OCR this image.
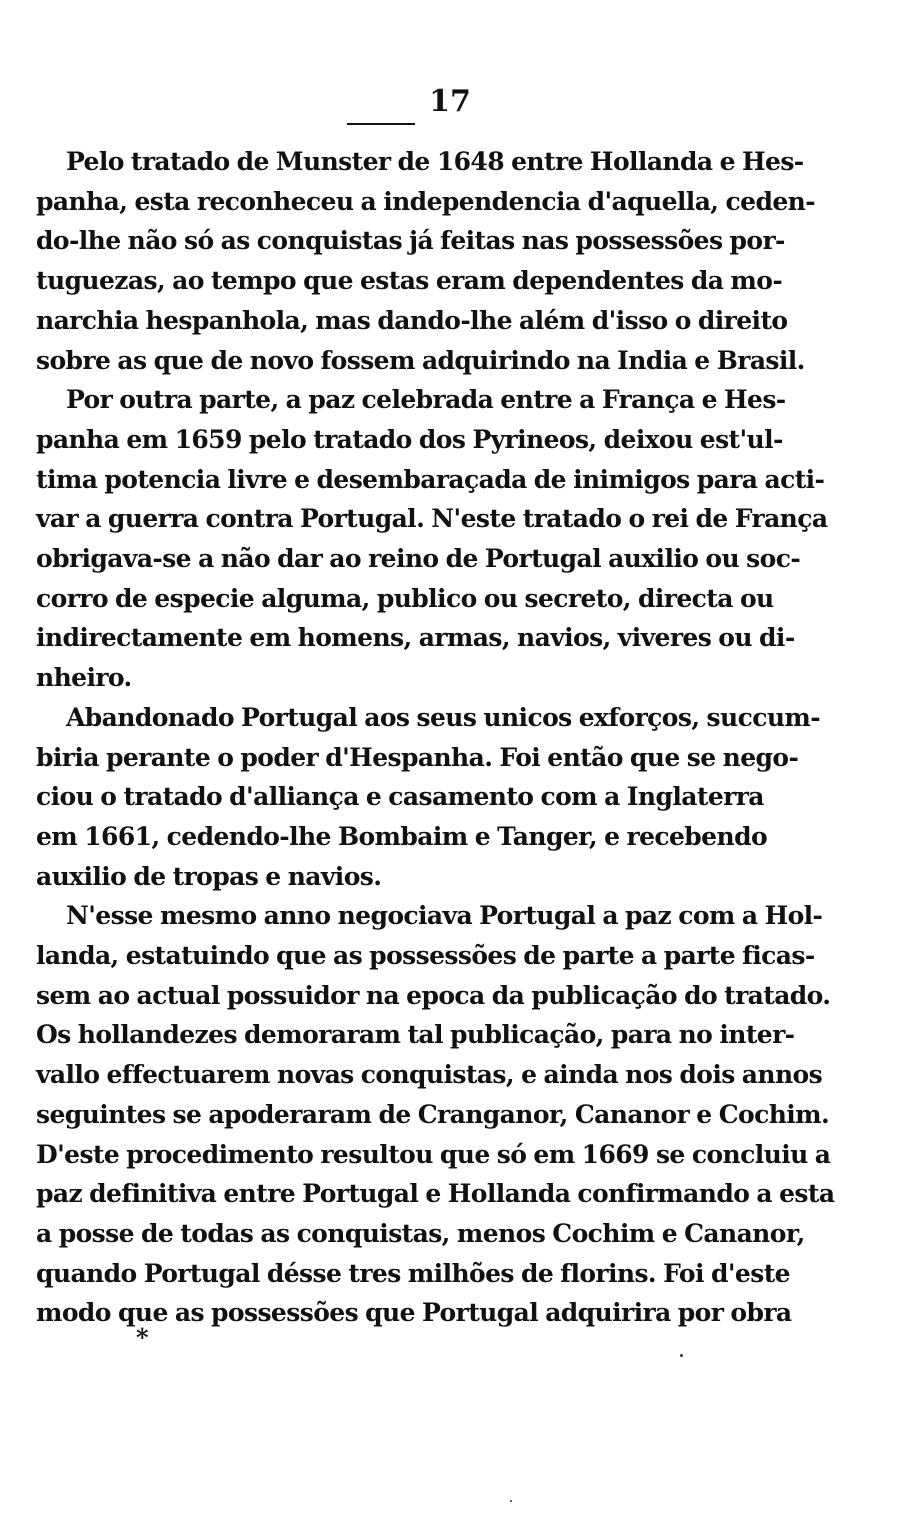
17

Pelo tratado de Munster de 1648 entre Hollanda e Hes-
panha, esta reconheceu a independencia d'aquella, ceden-
do-lhe não só as conquistas já feitas nas possessões por-
tuguezas, ao tempo que estas eram dependentes da mo-
narchia hespanhola, mas dando-lhe além d'isso o direito
sobre as que de novo fossem adquirindo na India e Brasil.

Por outra parte, a paz celebrada entre a França e Hes-
panha em 1659 pelo tratado dos Pyrineos, deixou est'ul-
tima potencia livre e desembaraçada de inimigos para acti-
var a guerra contra Portugal. N'este tratado o rei de França
obrigava-se a não dar ao reino de Portugal auxilio ou soc-
corro de especie alguma, publico ou secreto, directa ou
indirectamente em homens, armas, navios, viveres ou di-
nheiro.

Abandonado Portugal aos seus unicos exforços, succum-
biria perante o poder d'Hespanha. Foi então que se nego-
ciou o tratado d'alliança e casamento com a Inglaterra
em 1661, cedendo-lhe Bombaim e Tanger, e recebendo
auxilio de tropas e navios.

N'esse mesmo anno negociava Portugal a paz com a Hol-
landa, estatuindo que as possessões de parte a parte ficas-
sem ao actual possuidor na epoca da publicação do tratado.
Os hollandezes demoraram tal publicação, para no inter-
vallo effectuarem novas conquistas, e ainda nos dois annos
seguintes se apoderaram de Cranganor, Cananor e Cochim.
D'este procedimento resultou que só em 1669 se concluiu a
paz definitiva entre Portugal e Hollanda confirmando a esta
a posse de todas as conquistas, menos Cochim e Cananor,
quando Portugal désse tres milhões de florins. Foi d'este
modo que as possessões que Portugal adquirira por obra

*
